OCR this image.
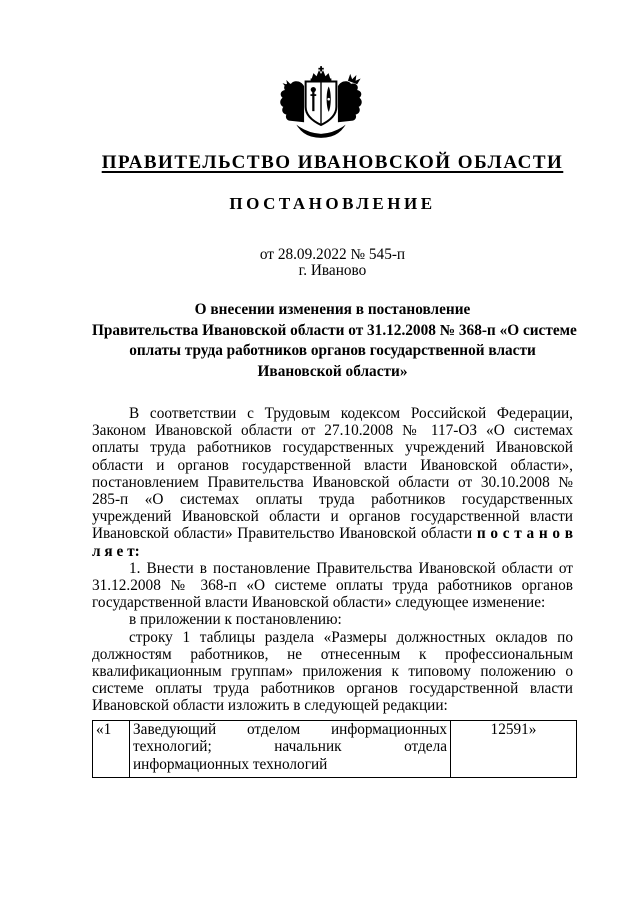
ПРАВИТЕЛЬСТВО ИВАНОВСКОЙ ОБЛАСТИ
ПОСТАНОВЛЕНИЕ
от 28.09.2022 № 545-п
г. Иваново
О внесении изменения в постановление
Правительства Ивановской области от 31.12.2008 № 368-п «О системе
оплаты труда работников органов государственной власти
Ивановской области»

В соответствии с Трудовым кодексом Российской Федерации, Законом Ивановской области от 27.10.2008 № 117-ОЗ «О системах оплаты труда работников государственных учреждений Ивановской области и органов государственной власти Ивановской области», постановлением Правительства Ивановской области от 30.10.2008 № 285-п «О системах оплаты труда работников государственных учреждений Ивановской области и органов государственной власти Ивановской области» Правительство Ивановской области п о с т а н о в л я е т:

1. Внести в постановление Правительства Ивановской области от 31.12.2008 № 368-п «О системе оплаты труда работников органов государственной власти Ивановской области» следующее изменение:

в приложении к постановлению:

строку 1 таблицы раздела «Размеры должностных окладов по должностям работников, не отнесенным к профессиональным квалификационным группам» приложения к типовому положению о системе оплаты труда работников органов государственной власти Ивановской области изложить в следующей редакции:

«1	Заведующий отделом информационных технологий; начальник отдела информационных технологий	12591»
